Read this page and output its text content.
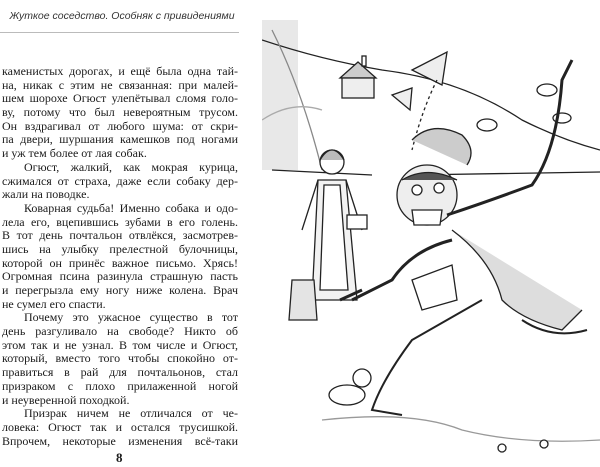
Жуткое соседство. Особняк с привидениями
каменистых дорогах, и ещё была одна тай-
на, никак с этим не связанная: при малей-
шем шорохе Огюст улепётывал сломя голо-
ву, потому что был невероятным трусом.
Он вздрагивал от любого шума: от скри-
па двери, шуршания камешков под ногами
и уж тем более от лая собак.
Огюст, жалкий, как мокрая курица,
сжимался от страха, даже если собаку дер-
жали на поводке.
Коварная судьба! Именно собака и одо-
лела его, вцепившись зубами в его голень.
В тот день почтальон отвлёкся, засмотрев-
шись на улыбку прелестной булочницы,
которой он принёс важное письмо. Хрясь!
Огромная псина разинула страшную пасть
и перегрызла ему ногу ниже колена. Врач
не сумел его спасти.
Почему это ужасное существо в тот
день разгуливало на свободе? Никто об
этом так и не узнал. В том числе и Огюст,
который, вместо того чтобы спокойно от-
правиться в рай для почтальонов, стал
призраком с плохо прилаженной ногой
и неуверенной походкой.
Призрак ничем не отличался от че-
ловека: Огюст так и остался трусишкой.
Впрочем, некоторые изменения всё-таки
8
